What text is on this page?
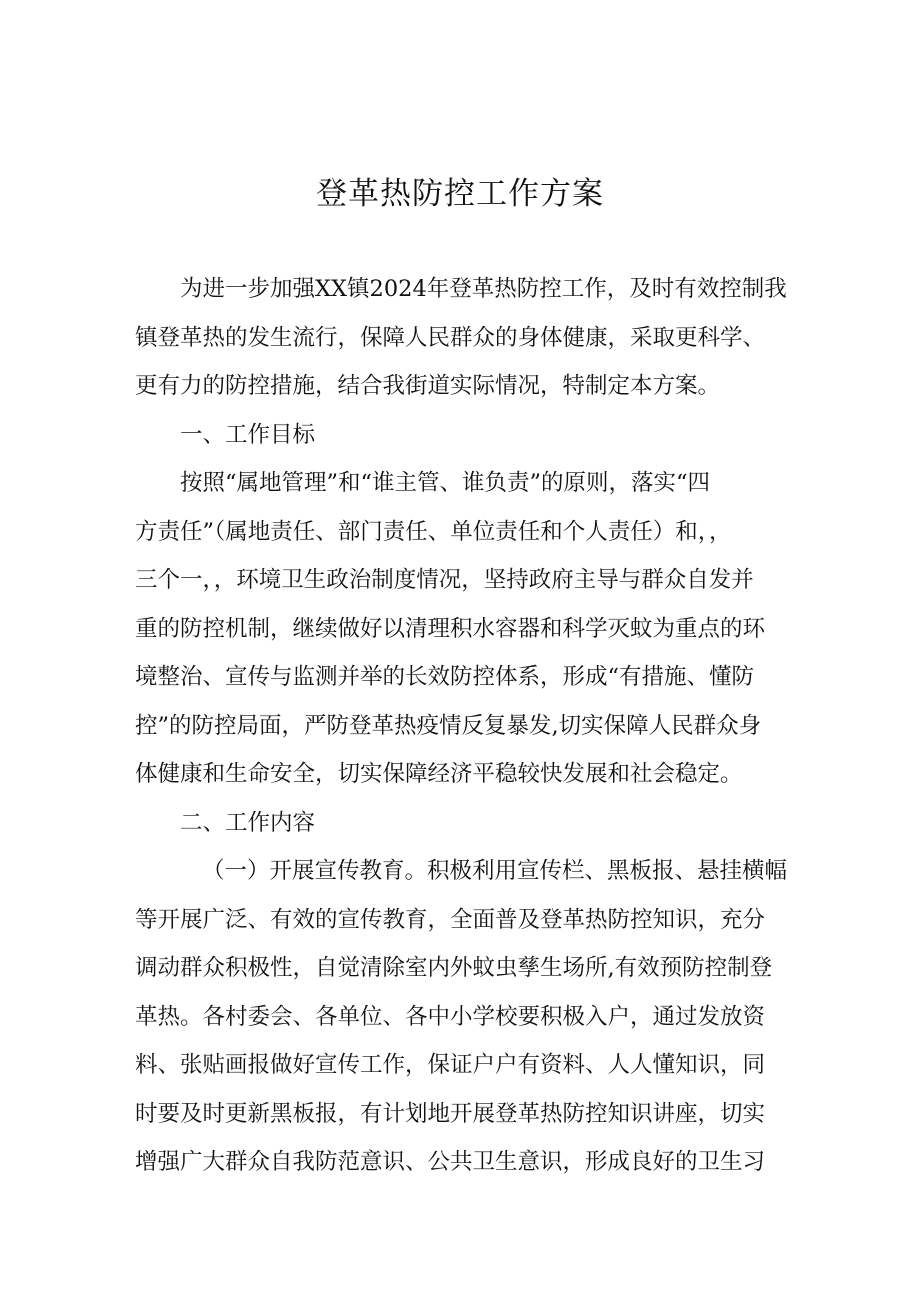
登革热防控工作方案
为进一步加强XX镇2024年登革热防控工作，及时有效控制我
镇登革热的发生流行，保障人民群众的身体健康，采取更科学、
更有力的防控措施，结合我街道实际情况，特制定本方案。
一、工作目标
按照“属地管理”和“谁主管、谁负责”的原则，落实“四
方责任”（属地责任、部门责任、单位责任和个人责任）和，，
三个一，，环境卫生政治制度情况，坚持政府主导与群众自发并
重的防控机制，继续做好以清理积水容器和科学灭蚊为重点的环
境整治、宣传与监测并举的长效防控体系，形成“有措施、懂防
控”的防控局面，严防登革热疫情反复暴发,切实保障人民群众身
体健康和生命安全，切实保障经济平稳较快发展和社会稳定。
二、工作内容
（一）开展宣传教育。积极利用宣传栏、黑板报、悬挂横幅
等开展广泛、有效的宣传教育，全面普及登革热防控知识，充分
调动群众积极性，自觉清除室内外蚊虫孳生场所,有效预防控制登
革热。各村委会、各单位、各中小学校要积极入户，通过发放资
料、张贴画报做好宣传工作，保证户户有资料、人人懂知识，同
时要及时更新黑板报，有计划地开展登革热防控知识讲座，切实
增强广大群众自我防范意识、公共卫生意识，形成良好的卫生习
